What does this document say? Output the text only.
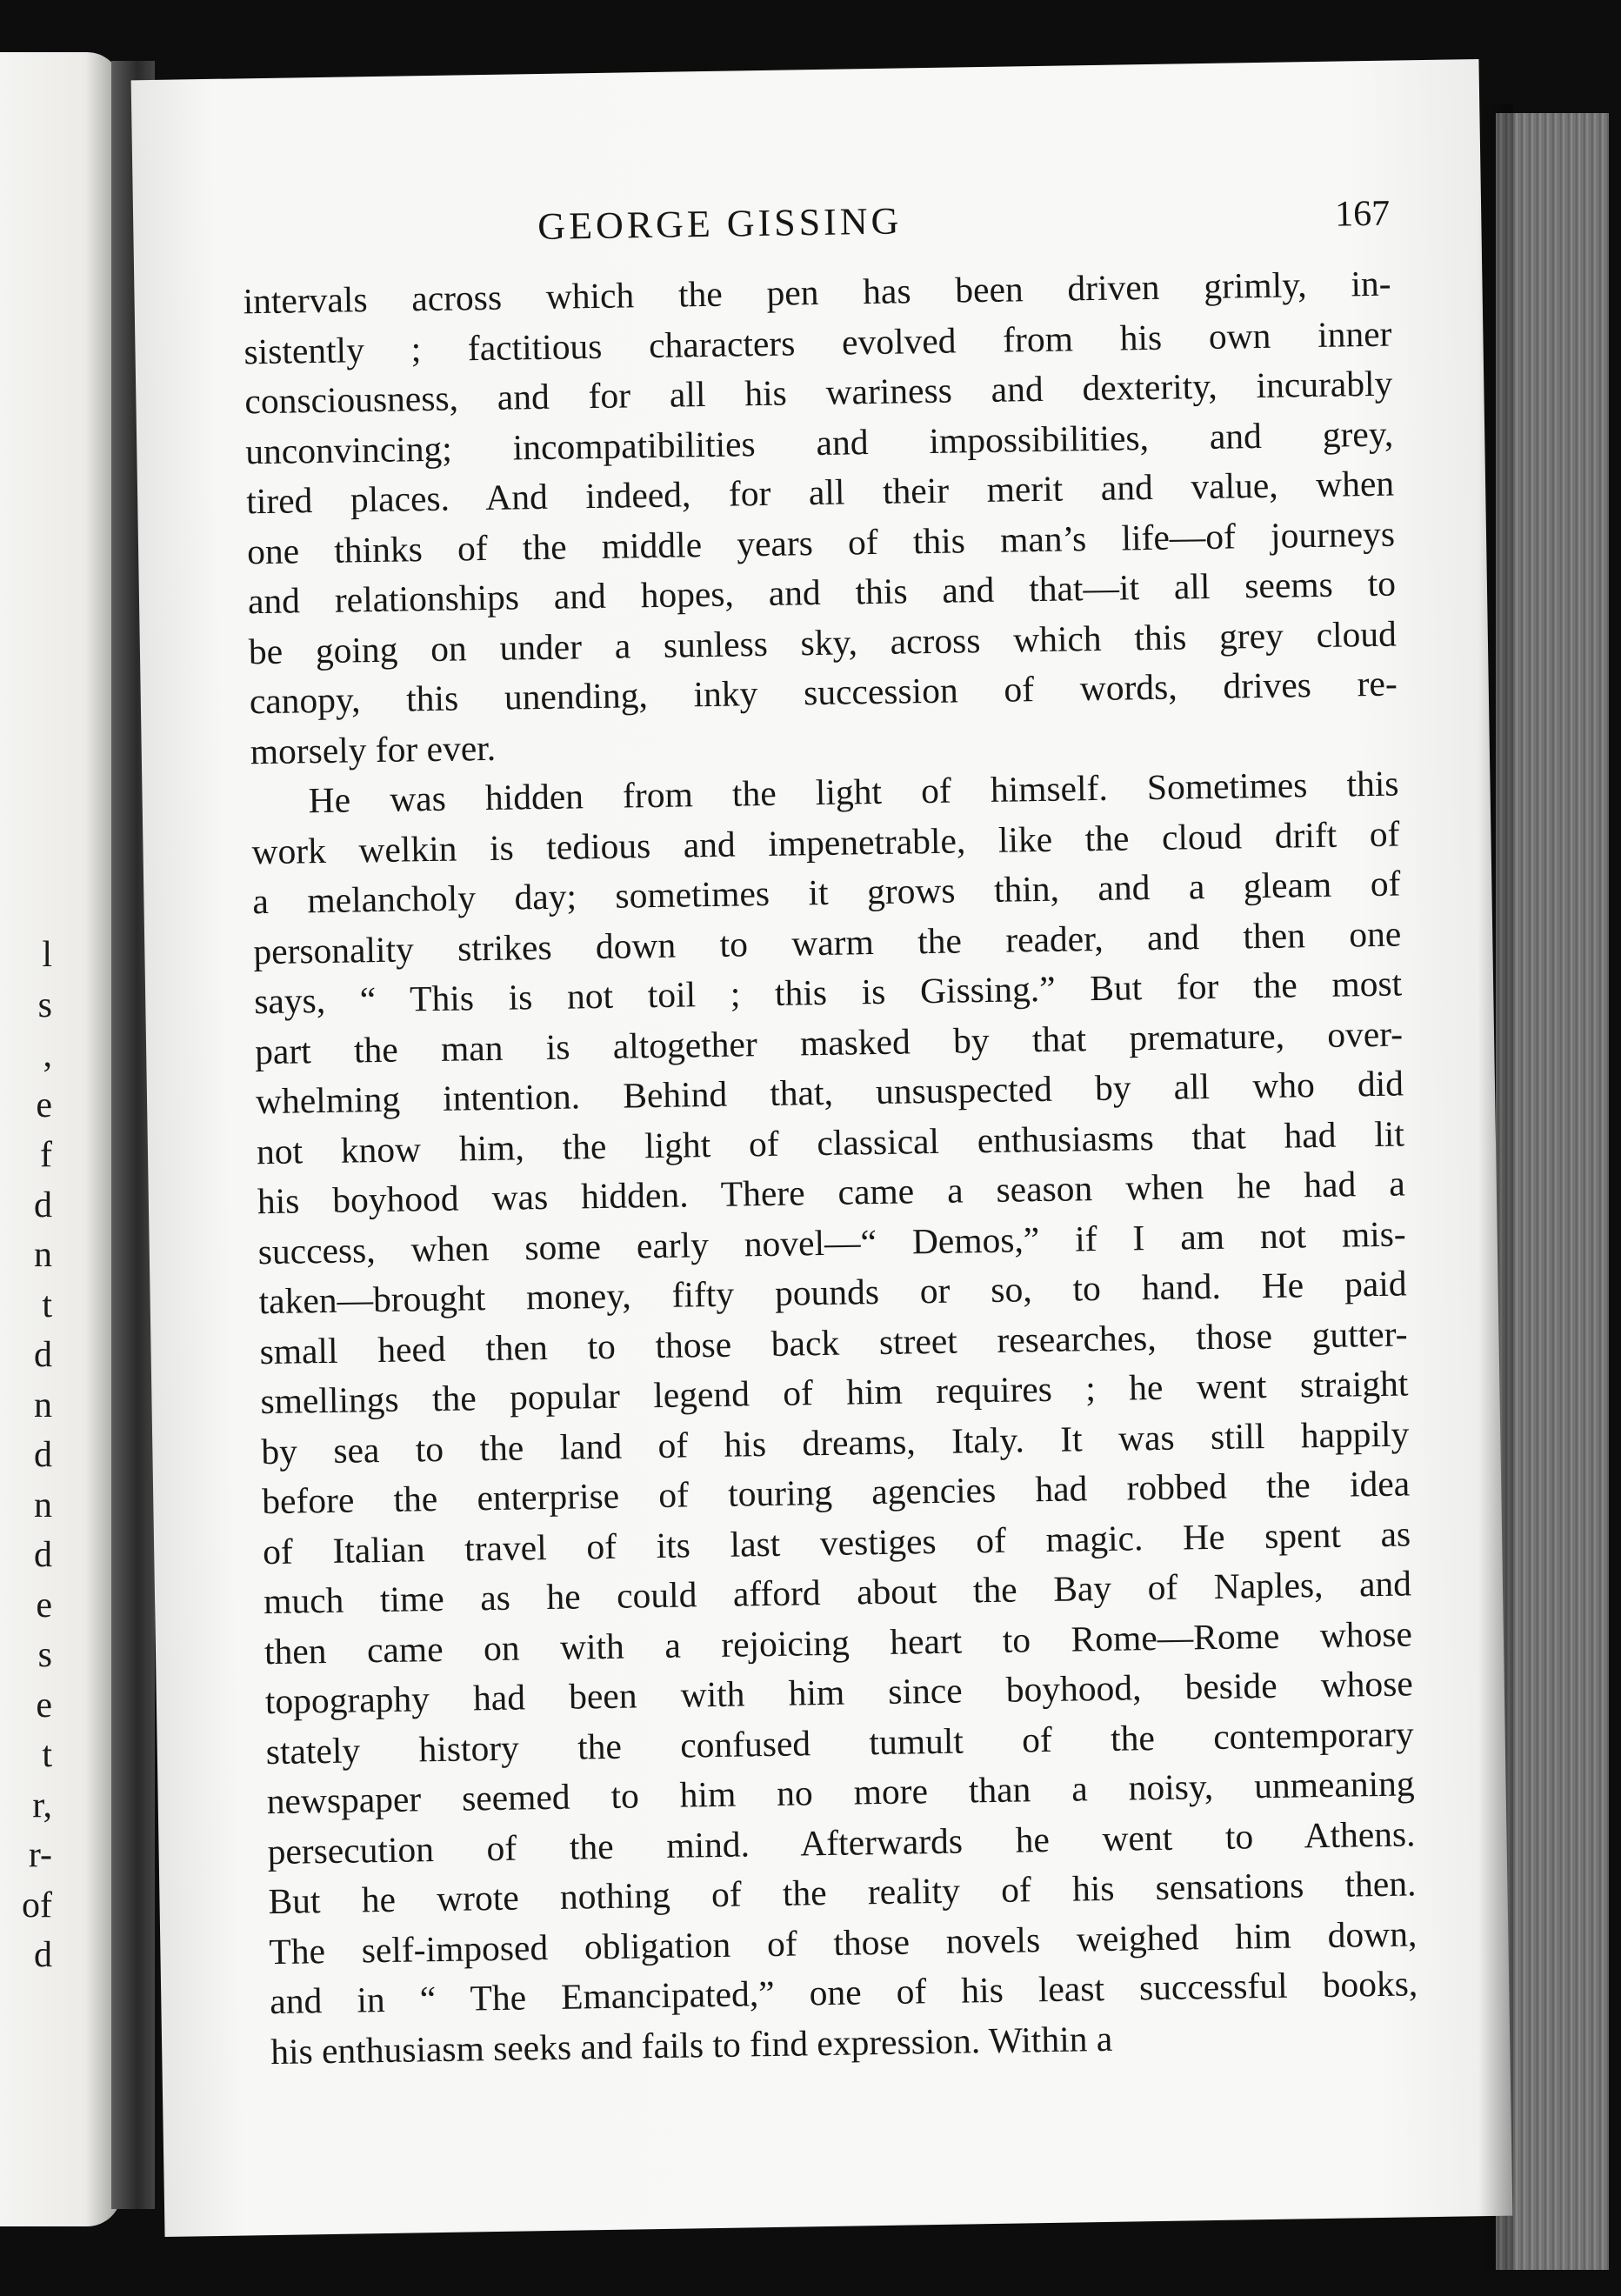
l
s
,
e
f
d
n
t
d
n
d
n
d
e
s
e
t
r,
r-
of
d
GEORGE GISSING	167
intervals across which the pen has been driven grimly, in-
sistently ; factitious characters evolved from his own inner
consciousness, and for all his wariness and dexterity, incurably
unconvincing; incompatibilities and impossibilities, and grey,
tired places. And indeed, for all their merit and value, when
one thinks of the middle years of this man’s life—of journeys
and relationships and hopes, and this and that—it all seems to
be going on under a sunless sky, across which this grey cloud
canopy, this unending, inky succession of words, drives re-
morsely for ever.
He was hidden from the light of himself. Sometimes this
work welkin is tedious and impenetrable, like the cloud drift of
a melancholy day; sometimes it grows thin, and a gleam of
personality strikes down to warm the reader, and then one
says, “ This is not toil ; this is Gissing.” But for the most
part the man is altogether masked by that premature, over-
whelming intention. Behind that, unsuspected by all who did
not know him, the light of classical enthusiasms that had lit
his boyhood was hidden. There came a season when he had a
success, when some early novel—“ Demos,” if I am not mis-
taken—brought money, fifty pounds or so, to hand. He paid
small heed then to those back street researches, those gutter-
smellings the popular legend of him requires ; he went straight
by sea to the land of his dreams, Italy. It was still happily
before the enterprise of touring agencies had robbed the idea
of Italian travel of its last vestiges of magic. He spent as
much time as he could afford about the Bay of Naples, and
then came on with a rejoicing heart to Rome—Rome whose
topography had been with him since boyhood, beside whose
stately history the confused tumult of the contemporary
newspaper seemed to him no more than a noisy, unmeaning
persecution of the mind. Afterwards he went to Athens.
But he wrote nothing of the reality of his sensations then.
The self-imposed obligation of those novels weighed him down,
and in “ The Emancipated,” one of his least successful books,
his enthusiasm seeks and fails to find expression. Within a
